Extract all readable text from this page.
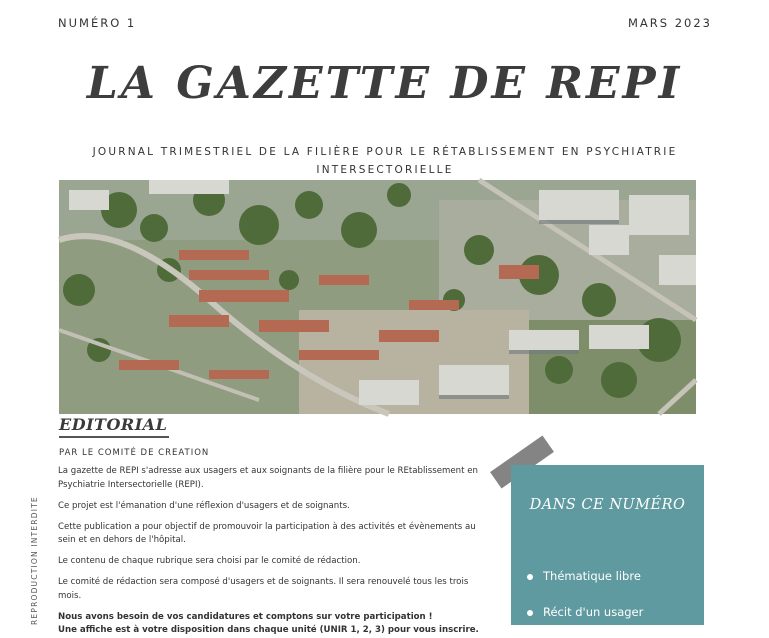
NUMÉRO 1	MARS 2023
LA GAZETTE DE REPI
JOURNAL TRIMESTRIEL DE LA FILIÈRE POUR LE RÉTABLISSEMENT EN PSYCHIATRIE INTERSECTORIELLE
EDITORIAL
PAR LE COMITÉ DE CREATION

La gazette de REPI s'adresse aux usagers et aux soignants de la filière pour le REtablissement en Psychiatrie Intersectorielle (REPI).

Ce projet est l'émanation d'une réflexion d'usagers et de soignants.

Cette publication a pour objectif de promouvoir la participation à des activités et évènements au sein et en dehors de l'hôpital.

Le contenu de chaque rubrique sera choisi par le comité de rédaction.

Le comité de rédaction sera composé d'usagers et de soignants. Il sera renouvelé tous les trois mois.

Nous avons besoin de vos candidatures et comptons sur votre participation !

Une affiche est à votre disposition dans chaque unité (UNIR 1, 2, 3) pour vous inscrire.

REPRODUCTION INTERDITE	DANS CE NUMÉRO
Thématique libre
Récit d'un usager
